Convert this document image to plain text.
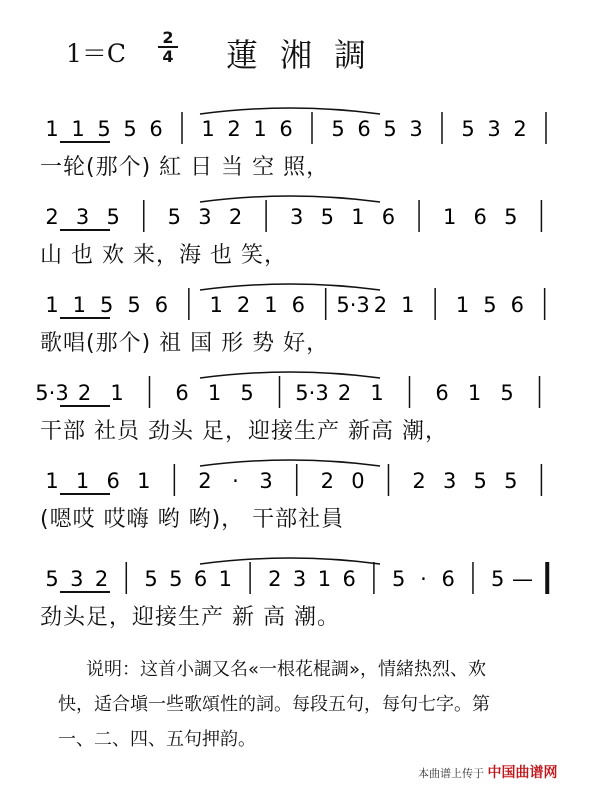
1＝C
2
4 蓮湘調
1 1 5 5 6 1 2 1 6 5 6 5 3 5 3 2
一轮(那个) 紅 日 当 空 照，
2 3 5 5 3 2 3 5 1 6 1 6 5
山 也 欢 来，海 也 笑，
1 1 5 5 6 1 2 1 6 5·3 2 1 1 5 6
歌唱(那个) 祖 国 形 势 好，
5·3 2 1 6 1 5 5·3 2 1 6 1 5
干部 社员 劲头 足，迎接生产 新高 潮，
1 1 6 1 2 · 3 2 0 2 3 5 5
(嗯哎 哎嗨 哟 哟)， 干部社員
5 3 2 5 5 6 1 2 3 1 6 5 · 6 5 —
劲头足，迎接生产 新 高 潮。
说明：这首小調又名«一根花棍調»，情緒热烈、欢
快，适合塡一些歌頌性的詞。每段五句，每句七字。第
一、二、四、五句押韵。
本曲谱上传于 中国曲谱网
